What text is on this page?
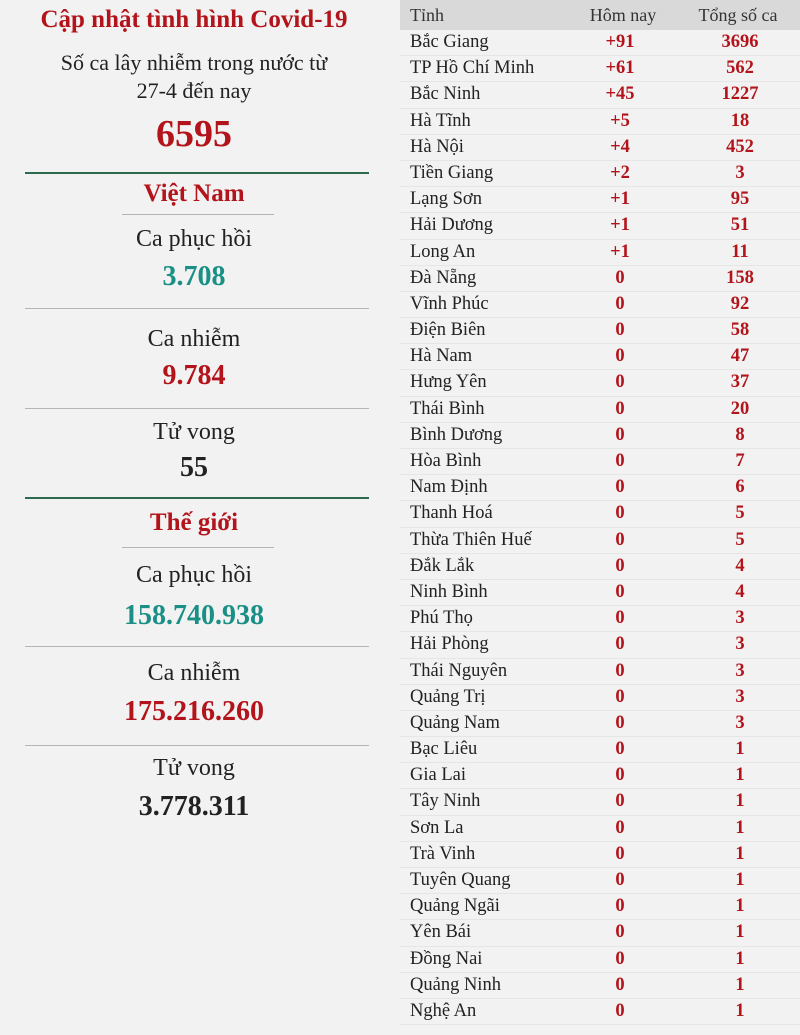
Cập nhật tình hình Covid-19
Số ca lây nhiễm trong nước từ
27-4 đến nay
6595
Việt Nam
Ca phục hồi
3.708
Ca nhiễm
9.784
Tử vong
55
Thế giới
Ca phục hồi
158.740.938
Ca nhiễm
175.216.260
Tử vong
3.778.311
Tỉnh	Hôm nay	Tổng số ca
Bắc Giang	+91	3696
TP Hồ Chí Minh	+61	562
Bắc Ninh	+45	1227
Hà Tĩnh	+5	18
Hà Nội	+4	452
Tiền Giang	+2	3
Lạng Sơn	+1	95
Hải Dương	+1	51
Long An	+1	11
Đà Nẵng	0	158
Vĩnh Phúc	0	92
Điện Biên	0	58
Hà Nam	0	47
Hưng Yên	0	37
Thái Bình	0	20
Bình Dương	0	8
Hòa Bình	0	7
Nam Định	0	6
Thanh Hoá	0	5
Thừa Thiên Huế	0	5
Đắk Lắk	0	4
Ninh Bình	0	4
Phú Thọ	0	3
Hải Phòng	0	3
Thái Nguyên	0	3
Quảng Trị	0	3
Quảng Nam	0	3
Bạc Liêu	0	1
Gia Lai	0	1
Tây Ninh	0	1
Sơn La	0	1
Trà Vinh	0	1
Tuyên Quang	0	1
Quảng Ngãi	0	1
Yên Bái	0	1
Đồng Nai	0	1
Quảng Ninh	0	1
Nghệ An	0	1
